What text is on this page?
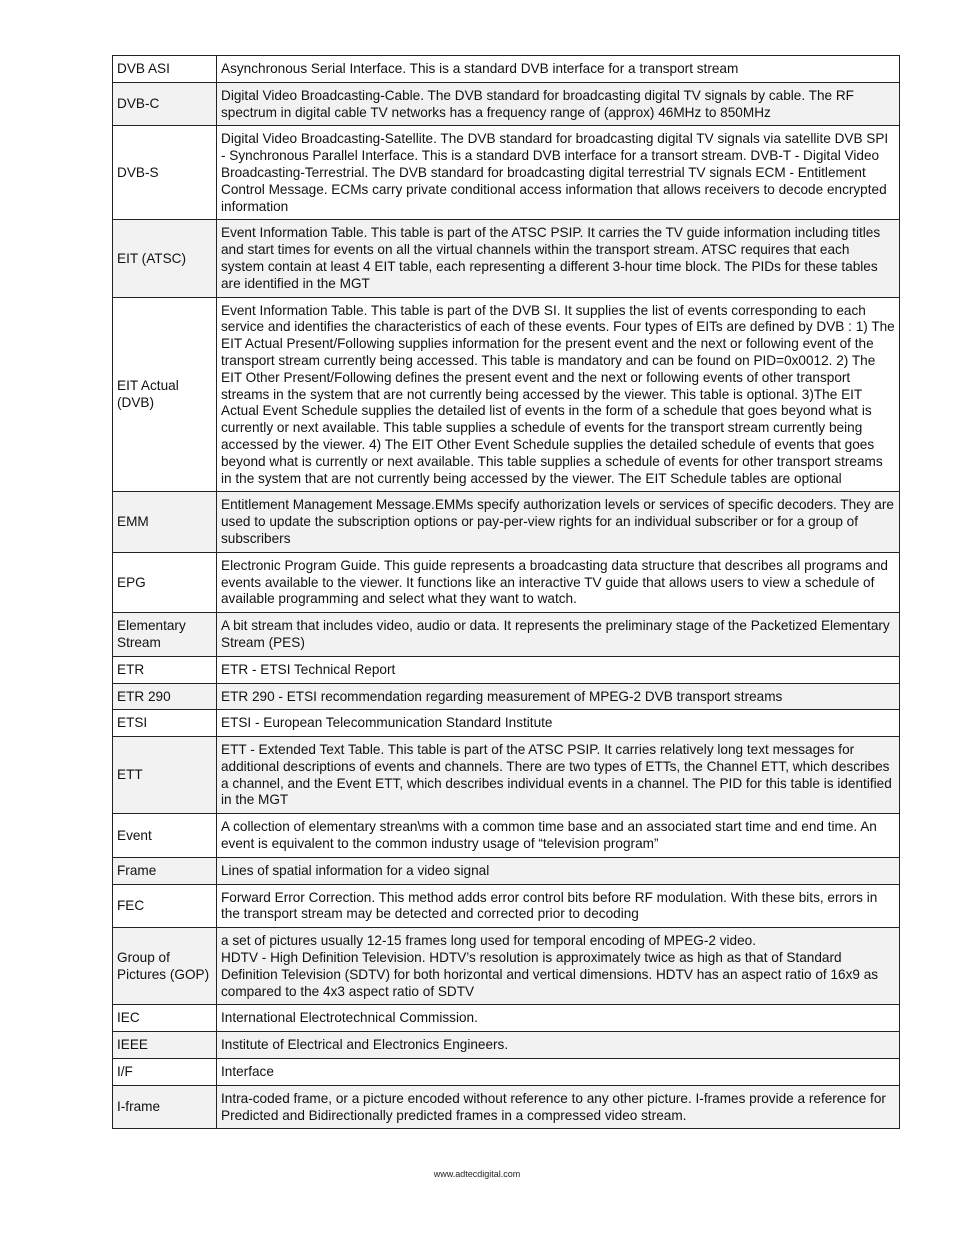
DVB ASI	Asynchronous Serial Interface. This is a standard DVB interface for a transport stream
DVB-C	Digital Video Broadcasting-Cable. The DVB standard for broadcasting digital TV signals by cable. The RF spectrum in digital cable TV networks has a frequency range of (approx) 46MHz to 850MHz
DVB-S	Digital Video Broadcasting-Satellite. The DVB standard for broadcasting digital TV signals via satellite DVB SPI - Synchronous Parallel Interface. This is a standard DVB interface for a transort stream. DVB-T - Digital Video Broadcasting-Terrestrial. The DVB standard for broadcasting digital terrestrial TV signals ECM - Entitlement Control Message. ECMs carry private conditional access information that allows receivers to decode encrypted information
EIT (ATSC)	Event Information Table. This table is part of the ATSC PSIP. It carries the TV guide information including titles and start times for events on all the virtual channels within the transport stream. ATSC requires that each system contain at least 4 EIT table, each representing a different 3-hour time block. The PIDs for these tables are identified in the MGT
EIT Actual (DVB)	Event Information Table. This table is part of the DVB SI. It supplies the list of events corresponding to each service and identifies the characteristics of each of these events. Four types of EITs are defined by DVB : 1) The EIT Actual Present/Following supplies information for the present event and the next or following event of the transport stream currently being accessed. This table is mandatory and can be found on PID=0x0012. 2) The EIT Other Present/Following defines the present event and the next or following events of other transport streams in the system that are not currently being accessed by the viewer. This table is optional. 3)The EIT Actual Event Schedule supplies the detailed list of events in the form of a schedule that goes beyond what is currently or next available. This table supplies a schedule of events for the transport stream currently being accessed by the viewer. 4) The EIT Other Event Schedule supplies the detailed schedule of events that goes beyond what is currently or next available. This table supplies a schedule of events for other transport streams in the system that are not currently being accessed by the viewer. The EIT Schedule tables are optional
EMM	Entitlement Management Message.EMMs specify authorization levels or services of specific decoders. They are used to update the subscription options or pay-per-view rights for an individual subscriber or for a group of subscribers
EPG	Electronic Program Guide. This guide represents a broadcasting data structure that describes all programs and events available to the viewer. It functions like an interactive TV guide that allows users to view a schedule of available programming and select what they want to watch.
Elementary Stream	A bit stream that includes video, audio or data. It represents the preliminary stage of the Packetized Elementary Stream (PES)
ETR	ETR - ETSI Technical Report
ETR 290	ETR 290 - ETSI recommendation regarding measurement of MPEG-2 DVB transport streams
ETSI	ETSI - European Telecommunication Standard Institute
ETT	ETT - Extended Text Table. This table is part of the ATSC PSIP. It carries relatively long text messages for additional descriptions of events and channels. There are two types of ETTs, the Channel ETT, which describes a channel, and the Event ETT, which describes individual events in a channel. The PID for this table is identified in the MGT
Event	A collection of elementary strean\ms with a common time base and an associated start time and end time. An event is equivalent to the common industry usage of “television program”
Frame	Lines of spatial information for a video signal
FEC	Forward Error Correction. This method adds error control bits before RF modulation. With these bits, errors in the transport stream may be detected and corrected prior to decoding
Group of Pictures (GOP)	a set of pictures usually 12-15 frames long used for temporal encoding of MPEG-2 video.
HDTV - High Definition Television. HDTV’s resolution is approximately twice as high as that of Standard Definition Television (SDTV) for both horizontal and vertical dimensions. HDTV has an aspect ratio of 16x9 as compared to the 4x3 aspect ratio of SDTV
IEC	International Electrotechnical Commission.
IEEE	Institute of Electrical and Electronics Engineers.
I/F	Interface
I-frame	Intra-coded frame, or a picture encoded without reference to any other picture. I-frames provide a reference for Predicted and Bidirectionally predicted frames in a compressed video stream.
www.adtecdigital.com
